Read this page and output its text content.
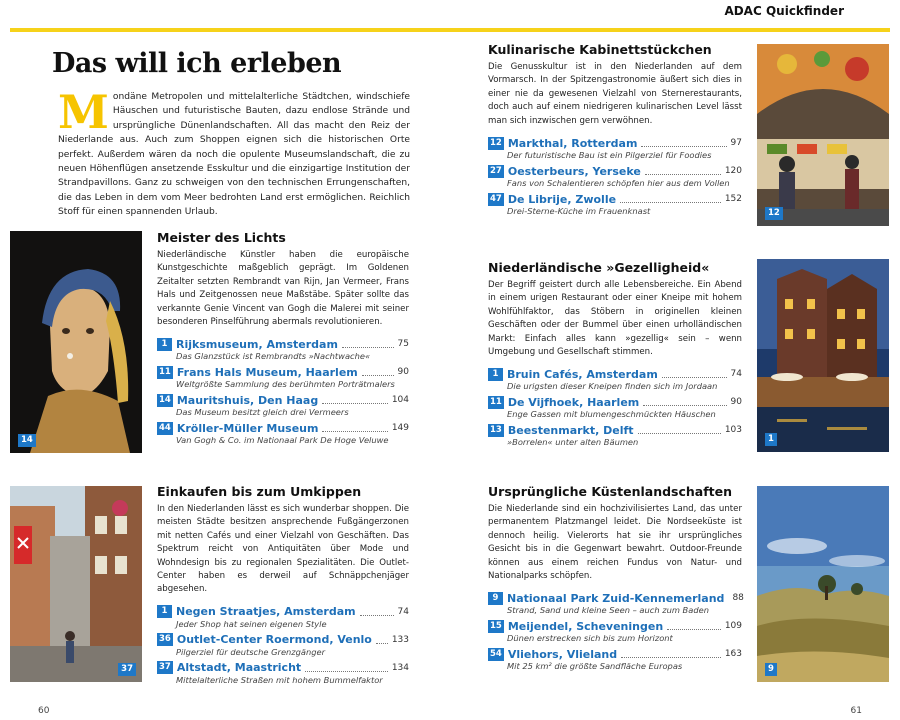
ADAC Quickfinder
Das will ich erleben
M ondäne Metropolen und mittelalterliche Städtchen, windschiefe Häuschen und futuristische Bauten, dazu endlose Strände und ursprüngliche Dünenlandschaften. All das macht den Reiz der Niederlande aus. Auch zum Shoppen eignen sich die historischen Orte perfekt. Außerdem wären da noch die opulente Museumslandschaft, die zu neuen Höhenflügen ansetzende Esskultur und die einzigartige Institution der Strandpavillons. Ganz zu schweigen von den technischen Errungenschaften, die das Leben in dem vom Meer bedrohten Land erst ermöglichen. Reichlich Stoff für einen spannenden Urlaub.
14
Meister des Lichts
Niederländische Künstler haben die europäische Kunstgeschichte maßgeblich geprägt. Im Goldenen Zeitalter setzten Rembrandt van Rijn, Jan Vermeer, Frans Hals und Zeitgenossen neue Maßstäbe. Später sollte das verkannte Genie Vincent van Gogh die Malerei mit seiner besonderen Pinselführung abermals revolutionieren.
1 Rijksmuseum, Amsterdam	75
Das Glanzstück ist Rembrandts »Nachtwache«
11 Frans Hals Museum, Haarlem	90
Weltgrößte Sammlung des berühmten Porträtmalers
14 Mauritshuis, Den Haag	104
Das Museum besitzt gleich drei Vermeers
44 Kröller-Müller Museum	149
Van Gogh & Co. im Nationaal Park De Hoge Veluwe
37
Einkaufen bis zum Umkippen
In den Niederlanden lässt es sich wunderbar shoppen. Die meisten Städte besitzen ansprechende Fußgängerzonen mit netten Cafés und einer Vielzahl von Geschäften. Das Spektrum reicht von Antiquitäten über Mode und Wohndesign bis zu regionalen Spezialitäten. Die Outlet-Center haben es derweil auf Schnäppchenjäger abgesehen.
1 Negen Straatjes, Amsterdam	74
Jeder Shop hat seinen eigenen Style
36 Outlet-Center Roermond, Venlo 133
Pilgerziel für deutsche Grenzgänger
37 Altstadt, Maastricht	134
Mittelalterliche Straßen mit hohem Bummelfaktor
Kulinarische Kabinettstückchen
Die Genusskultur ist in den Niederlanden auf dem Vormarsch. In der Spitzengastronomie äußert sich dies in einer nie da gewesenen Vielzahl von Sternerestaurants, doch auch auf einem niedrigeren kulinarischen Level lässt man sich inzwischen gern verwöhnen.
12 Markthal, Rotterdam	97
Der futuristische Bau ist ein Pilgerziel für Foodies
27 Oesterbeurs, Yerseke	120
Fans von Schalentieren schöpfen hier aus dem Vollen
47 De Librije, Zwolle	152
Drei-Sterne-Küche im Frauenknast	12
Niederländische »Gezelligheid«
Der Begriff geistert durch alle Lebensbereiche. Ein Abend in einem urigen Restaurant oder einer Kneipe mit hohem Wohlfühlfaktor, das Stöbern in originellen kleinen Geschäften oder der Bummel über einen urholländischen Markt: Einfach alles kann »gezellig« sein – wenn Umgebung und Gesellschaft stimmen.
1 Bruin Cafés, Amsterdam	74
Die urigsten dieser Kneipen finden sich im Jordaan
11 De Vijfhoek, Haarlem	90
Enge Gassen mit blumengeschmückten Häuschen
13 Beestenmarkt, Delft	103
»Borrelen« unter alten Bäumen	1
Ursprüngliche Küstenlandschaften
Die Niederlande sind ein hochzivilisiertes Land, das unter permanentem Platzmangel leidet. Die Nordseeküste ist dennoch heilig. Vielerorts hat sie ihr ursprüngliches Gesicht bis in die Gegenwart bewahrt. Outdoor-Freunde können aus einem reichen Fundus von Natur- und Nationalparks schöpfen.
9 Nationaal Park Zuid-Kennemerland 88
Strand, Sand und kleine Seen – auch zum Baden
15 Meijendel, Scheveningen	109
Dünen erstrecken sich bis zum Horizont
54 Vliehors, Vlieland	163
Mit 25 km² die größte Sandfläche Europas	9
60	61
